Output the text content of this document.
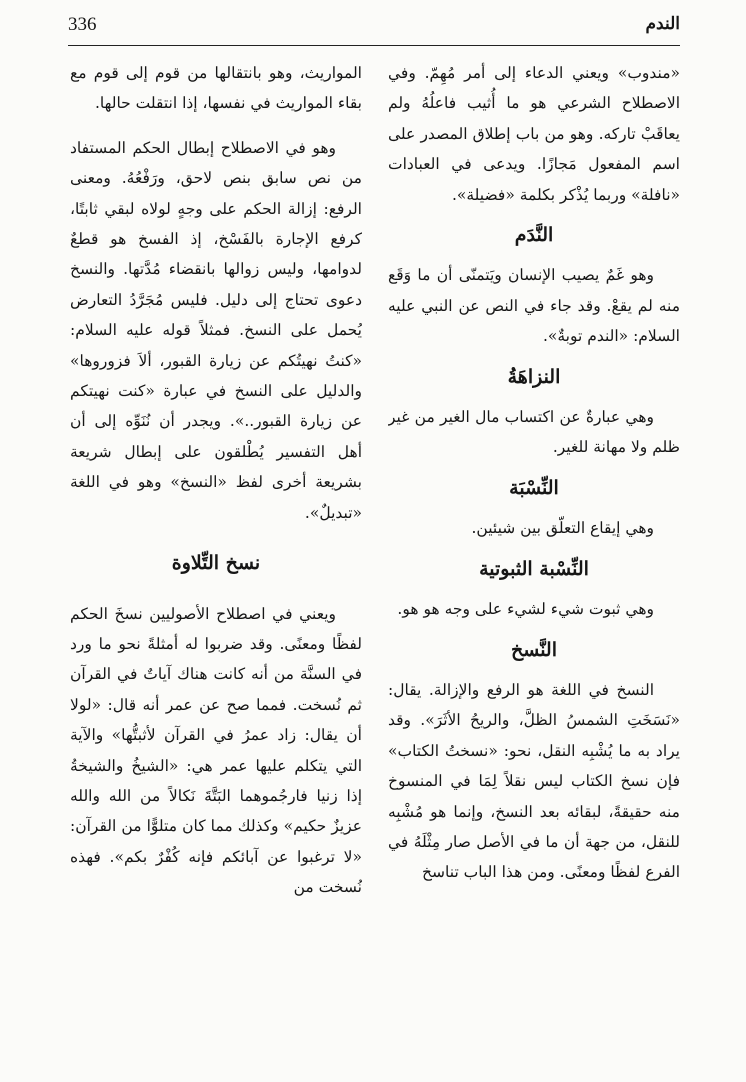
336	الندم

«مندوب» ويعني الدعاء إلى أمر مُهِمّ. وفي الاصطلاح الشرعي هو ما أُثيب فاعلُهُ ولم يعاقَبْ تاركه. وهو من باب إطلاق المصدر على اسم المفعول مَجازًا. ويدعى في العبادات «نافلة» وربما يُذْكر بكلمة «فضيلة».

النَّدَم

وهو غَمٌ يصيب الإنسان ويَتمنّى أن ما وَقَع منه لم يقعْ. وقد جاء في النص عن النبي عليه السلام: «الندم توبةٌ».

النزاهَةُ

وهي عبارةٌ عن اكتساب مال الغير من غير ظلم ولا مهانة للغير.

النِّسْبَة

وهي إيقاع التعلّق بين شيئين.

النِّسْبة الثبوتية

وهي ثبوت شيء لشيء على وجه هو هو.

النَّسخ

النسخ في اللغة هو الرفع والإزالة. يقال: «نَسَخَتِ الشمسُ الظلَّ، والريحُ الأثَرَ». وقد يراد به ما يُشْبِه النقل، نحو: «نسختُ الكتاب» فإن نسخ الكتاب ليس نقلاً لِمَا في المنسوخ منه حقيقةً، لبقائه بعد النسخ، وإنما هو مُشْبِه للنقل، من جهة أن ما في الأصل صار مِثْلَهُ في الفرع لفظًا ومعنًى. ومن هذا الباب تناسخ

المواريث، وهو بانتقالها من قوم إلى قوم مع بقاء المواريث في نفسها، إذا انتقلت حالها.

وهو في الاصطلاح إبطال الحكم المستفاد من نص سابق بنص لاحق، ورَفْعُهُ. ومعنى الرفع: إزالة الحكم على وجهٍ لولاه لبقي ثابتًا، كرفع الإجارة بالفَسْخ، إذ الفسخ هو قطعٌ لدوامها، وليس زوالها بانقضاء مُدَّتها. والنسخ دعوى تحتاج إلى دليل. فليس مُجَرَّدُ التعارض يُحمل على النسخ. فمثلاً قوله عليه السلام: «كنتُ نهيتُكم عن زيارة القبور، ألاَ فزوروها» والدليل على النسخ في عبارة «كنت نهيتكم عن زيارة القبور..». ويجدر أن نُنَوِّه إلى أن أهل التفسير يُطْلقون على إبطال شريعة بشريعة أخرى لفظ «النسخ» وهو في اللغة «تبديلٌ».

نسخ التِّلاوة

ويعني في اصطلاح الأصوليين نسخَ الحكم لفظًا ومعنًى. وقد ضربوا له أمثلةً نحو ما ورد في السنَّة من أنه كانت هناك آياتٌ في القرآن ثم نُسخت. فمما صح عن عمر أنه قال: «لولا أن يقال: زاد عمرُ في القرآن لأثبتُّها» والآية التي يتكلم عليها عمر هي: «الشيخُ والشيخةُ إذا زنيا فارجُموهما البَتَّةَ نَكالاً من الله والله عزيزٌ حكيم» وكذلك مما كان متلوًّا من القرآن: «لا ترغبوا عن آبائكم فإنه كُفْرٌ بكم». فهذه نُسخت من
